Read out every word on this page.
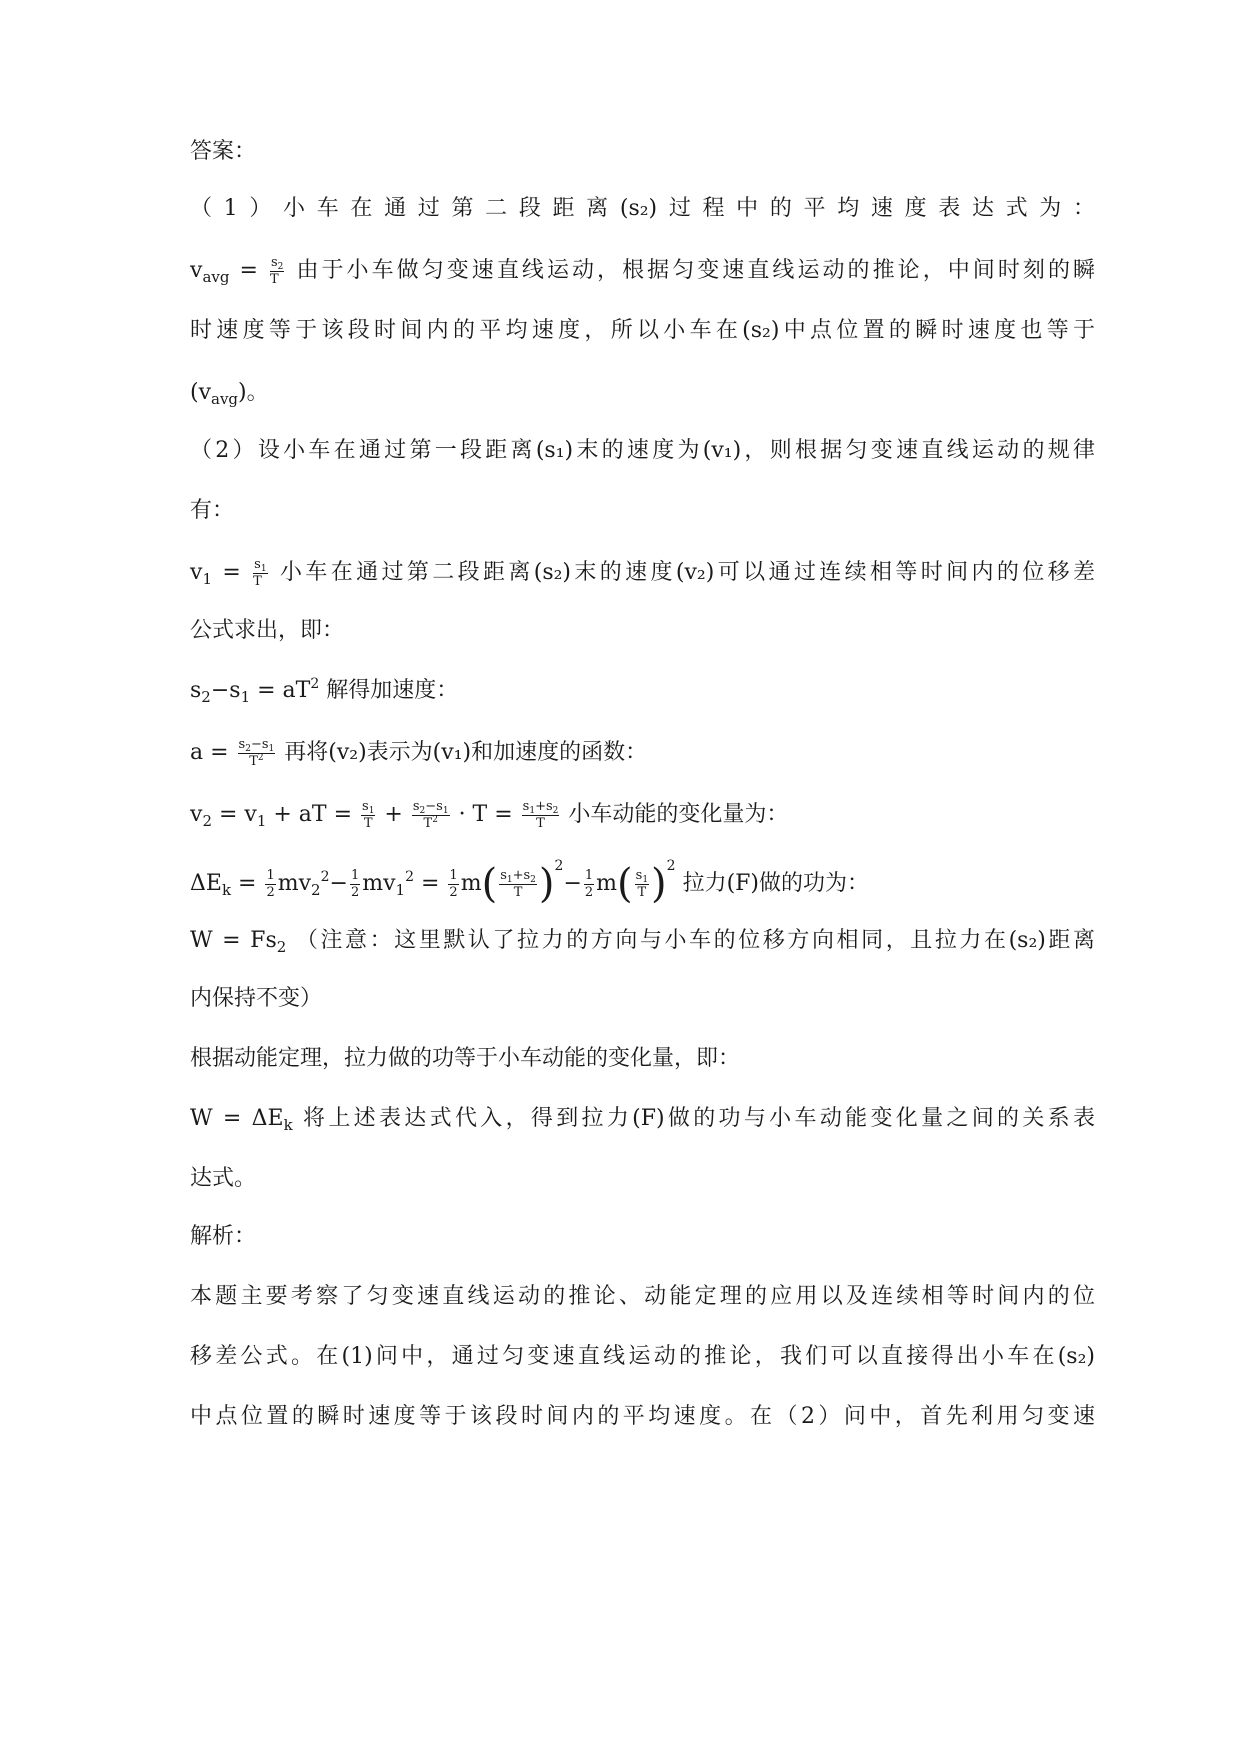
答案：
（1）小车在通过第二段距离(s₂)过程中的平均速度表达式为：
$v_{avg} = \frac{s_2}{T}$ 由于小车做匀变速直线运动，根据匀变速直线运动的推论，中间时刻的瞬
时速度等于该段时间内的平均速度，所以小车在(s₂)中点位置的瞬时速度也等于
$(v_{avg})$。
（2）设小车在通过第一段距离(s₁)末的速度为(v₁)，则根据匀变速直线运动的规律
有：
$v_1 = \frac{s_1}{T}$ 小车在通过第二段距离(s₂)末的速度(v₂)可以通过连续相等时间内的位移差
公式求出，即：
$s_2-s_1 = aT^2$ 解得加速度：
$a = \frac{s_2-s_1}{T^2}$ 再将(v₂)表示为(v₁)和加速度的函数：
$v_2 = v_1$ + aT = $\frac{s_1}{T} + \frac{s_2-s_1}{T^2} \cdot T = \frac{s_1+s_2}{T}$ 小车动能的变化量为：
$\Delta E_k = \frac{1}{2} mv_2^2- \frac{1}{2} mv_1^2 = \frac{1}{2} m( \frac{s_1+s_2}{T} )^2- \frac{1}{2} m( \frac{s_1}{T} )^2$ 拉力(F)做的功为：
$W = Fs_2$ （注意：这里默认了拉力的方向与小车的位移方向相同，且拉力在(s₂)距离
内保持不变）
根据动能定理，拉力做的功等于小车动能的变化量，即：
$W = \Delta E_k$ 将上述表达式代入，得到拉力(F)做的功与小车动能变化量之间的关系表
达式。
解析：
本题主要考察了匀变速直线运动的推论、动能定理的应用以及连续相等时间内的位
移差公式。在(1)问中，通过匀变速直线运动的推论，我们可以直接得出小车在(s₂)
中点位置的瞬时速度等于该段时间内的平均速度。在（2）问中，首先利用匀变速
